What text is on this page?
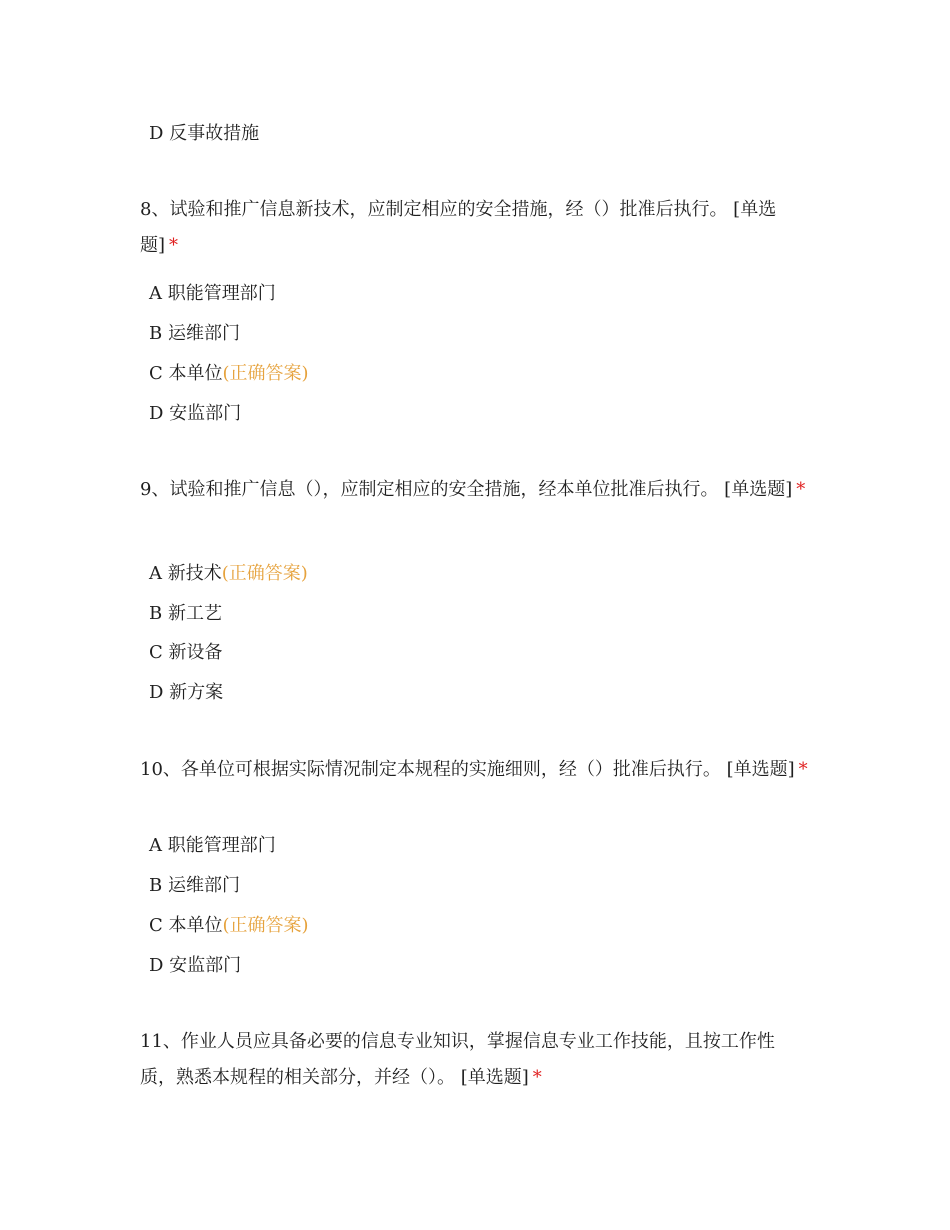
D 反事故措施
8、试验和推广信息新技术，应制定相应的安全措施，经（）批准后执行。 [单选题] *
A 职能管理部门
B 运维部门
C 本单位(正确答案)
D 安监部门
9、试验和推广信息（），应制定相应的安全措施，经本单位批准后执行。 [单选题] *
A 新技术(正确答案)
B 新工艺
C 新设备
D 新方案
10、各单位可根据实际情况制定本规程的实施细则，经（）批准后执行。 [单选题] *
A 职能管理部门
B 运维部门
C 本单位(正确答案)
D 安监部门
11、作业人员应具备必要的信息专业知识，掌握信息专业工作技能，且按工作性质，熟悉本规程的相关部分，并经（）。 [单选题] *
